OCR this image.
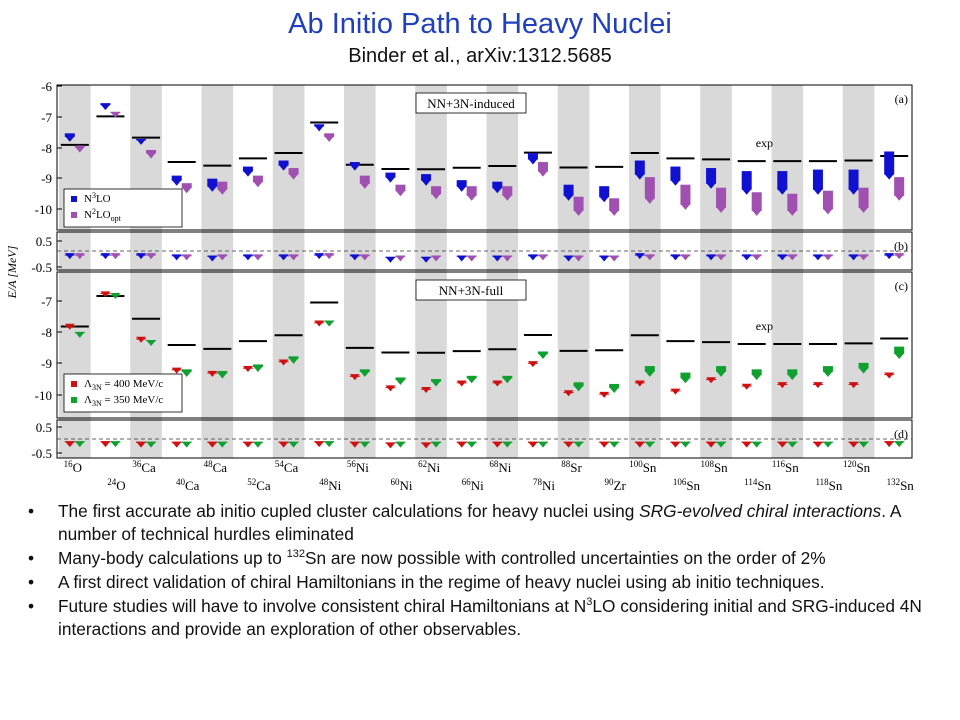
Ab Initio Path to Heavy Nuclei
Binder et al., arXiv:1312.5685
-6
-7
-8
-9
-10
(a)
NN+3N-induced
exp
$N^3LO$
$N^2LO_{opt}$
0.5
-0.5
(b)
-7
-8
-9
-10
(c)
NN+3N-full
exp
$\Lambda_{3N} = 400$ MeV/c
$\Lambda_{3N} = 350$ MeV/c
0.5
-0.5
(d)
E/A [MeV]
$^{16}$O
$^{24}$O
$^{36}$Ca
$^{40}$Ca
$^{48}$Ca
$^{52}$Ca
$^{54}$Ca
$^{48}$Ni
$^{56}$Ni
$^{60}$Ni
$^{62}$Ni
$^{66}$Ni
$^{68}$Ni
$^{78}$Ni
$^{88}$Sr
$^{90}$Zr
$^{100}$Sn
$^{106}$Sn
$^{108}$Sn
$^{114}$Sn
$^{116}$Sn
$^{118}$Sn
$^{120}$Sn
$^{132}$Sn
• The first accurate ab initio cupled cluster calculations for heavy nuclei using SRG-evolved chiral interactions. A number of technical hurdles eliminated
• Many-body calculations up to $^{132}$Sn are now possible with controlled uncertainties on the order of 2%
• A first direct validation of chiral Hamiltonians in the regime of heavy nuclei using ab initio techniques.
• Future studies will have to involve consistent chiral Hamiltonians at $N^3LO$ considering initial and SRG-induced 4N interactions and provide an exploration of other observables.
